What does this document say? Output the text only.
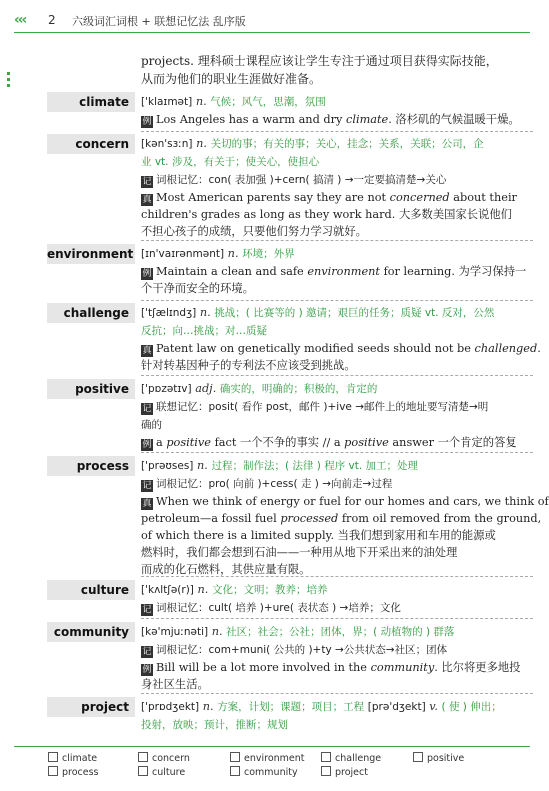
‹‹‹ 2 六级词汇词根 + 联想记忆法 乱序版
projects. 理科硕士课程应该让学生专注于通过项目获得实际技能，
从而为他们的职业生涯做好准备。
climate	['klaɪmət] n. 气候；风气，思潮，氛围
例 Los Angeles has a warm and dry climate. 洛杉矶的气候温暖干燥。
concern	[kən'sɜːn] n. 关切的事；有关的事；关心，挂念；关系，关联；公司，企
业 vt. 涉及，有关于；使关心，使担心
记 词根记忆：con( 表加强 )+cern( 搞清 ) →一定要搞清楚→关心
真 Most American parents say they are not concerned about their
children's grades as long as they work hard. 大多数美国家长说他们
不担心孩子的成绩，只要他们努力学习就好。
environment [ɪn'vaɪrənmənt] n. 环境；外界
例 Maintain a clean and safe environment for learning. 为学习保持一
个干净而安全的环境。
challenge	['tʃælɪndʒ] n. 挑战；( 比赛等的 ) 邀请；艰巨的任务；质疑 vt. 反对，公然
反抗；向…挑战；对…质疑
真 Patent law on genetically modified seeds should not be challenged.
针对转基因种子的专利法不应该受到挑战。
positive	['pɒzətɪv] adj. 确实的，明确的；积极的，肯定的
记 联想记忆：posit( 看作 post，邮件 )+ive →邮件上的地址要写清楚→明
确的
例 a positive fact 一个不争的事实 // a positive answer 一个肯定的答复
process	['prəʊses] n. 过程；制作法；( 法律 ) 程序 vt. 加工；处理
记 词根记忆：pro( 向前 )+cess( 走 ) →向前走→过程
真 When we think of energy or fuel for our homes and cars, we think of
petroleum—a fossil fuel processed from oil removed from the ground,
of which there is a limited supply. 当我们想到家用和车用的能源或
燃料时，我们都会想到石油——一种用从地下开采出来的油处理
而成的化石燃料，其供应量有限。
culture	['kʌltʃə(r)] n. 文化；文明；教养；培养
记 词根记忆：cult( 培养 )+ure( 表状态 ) →培养；文化
community	[kə'mjuːnəti] n. 社区；社会；公社；团体，界；( 动植物的 ) 群落
记 词根记忆：com+muni( 公共的 )+ty →公共状态→社区；团体
例 Bill will be a lot more involved in the community. 比尔将更多地投
身社区生活。
project	['prɒdʒekt] n. 方案，计划；课题；项目；工程 [prə'dʒekt] v. ( 使 ) 伸出；
投射，放映；预计，推断；规划
climate	concern	environment	challenge	positive
process	culture	community	project
